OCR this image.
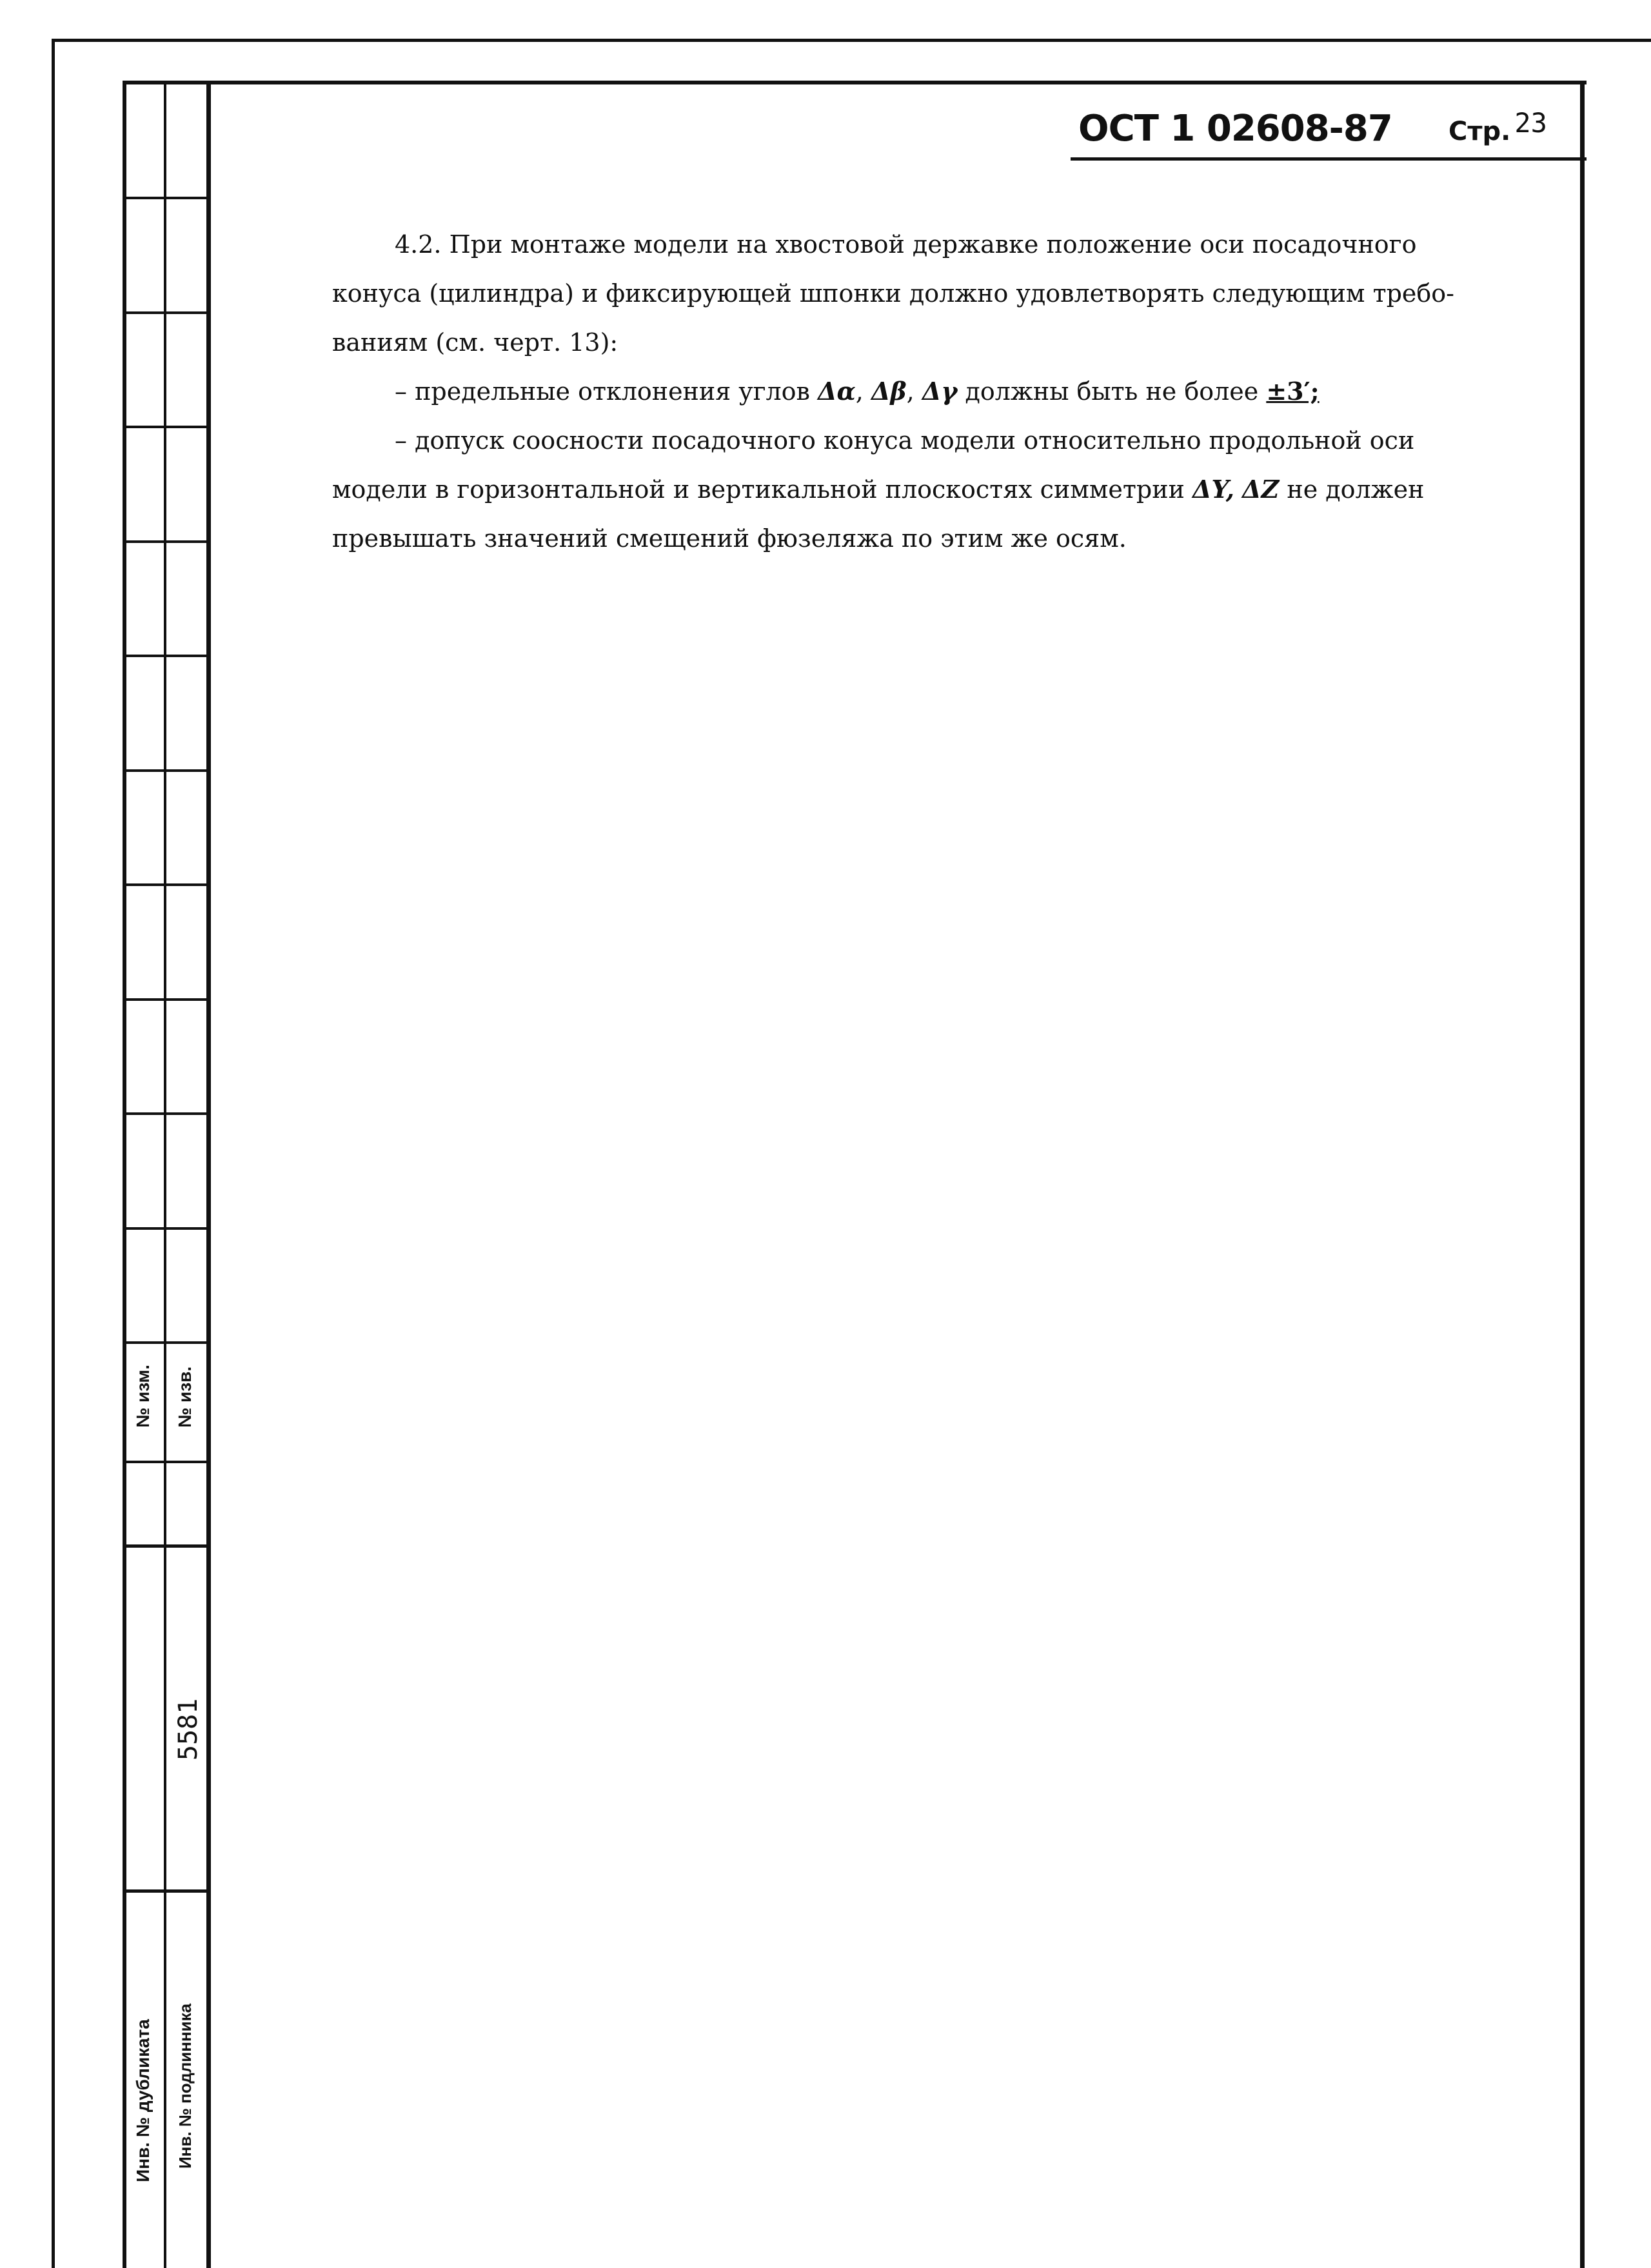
ОСТ 1 02608-87 Стр. 23
4.2. При монтаже модели на хвостовой державке положение оси посадочного
конуса (цилиндра) и фиксирующей шпонки должно удовлетворять следующим требо-
ваниям (см. черт. 13):
– предельные отклонения углов Δα, Δβ, Δγ должны быть не более ±3′;
– допуск соосности посадочного конуса модели относительно продольной оси
модели в горизонтальной и вертикальной плоскостях симметрии ΔY, ΔZ не должен
превышать значений смещений фюзеляжа по этим же осям.
№ изм. № изв.
Инв. № дубликата Инв. № подлинника
5581
